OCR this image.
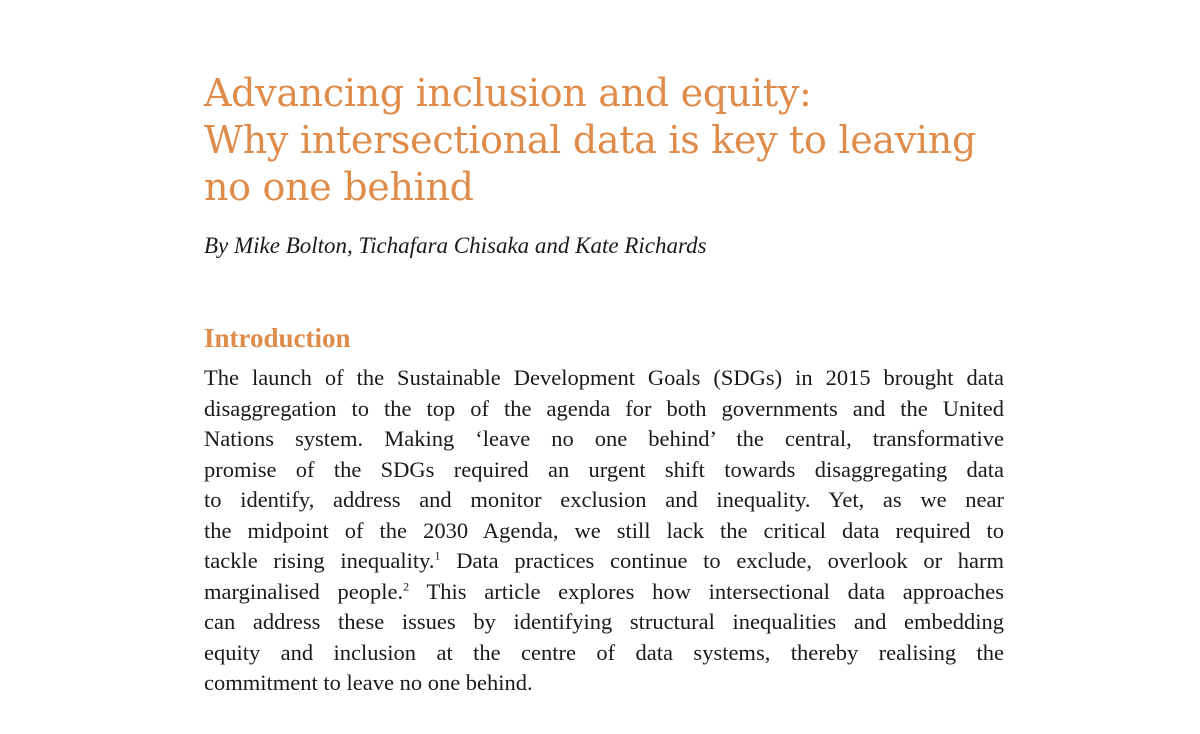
Advancing inclusion and equity:
Why intersectional data is key to leaving
no one behind

By Mike Bolton, Tichafara Chisaka and Kate Richards

Introduction
The launch of the Sustainable Development Goals (SDGs) in 2015 brought data
disaggregation to the top of the agenda for both governments and the United
Nations system. Making ‘leave no one behind’ the central, transformative
promise of the SDGs required an urgent shift towards disaggregating data
to identify, address and monitor exclusion and inequality. Yet, as we near
the midpoint of the 2030 Agenda, we still lack the critical data required to
tackle rising inequality.$^1$ Data practices continue to exclude, overlook or harm
marginalised people.$^2$ This article explores how intersectional data approaches
can address these issues by identifying structural inequalities and embedding
equity and inclusion at the centre of data systems, thereby realising the
commitment to leave no one behind.
